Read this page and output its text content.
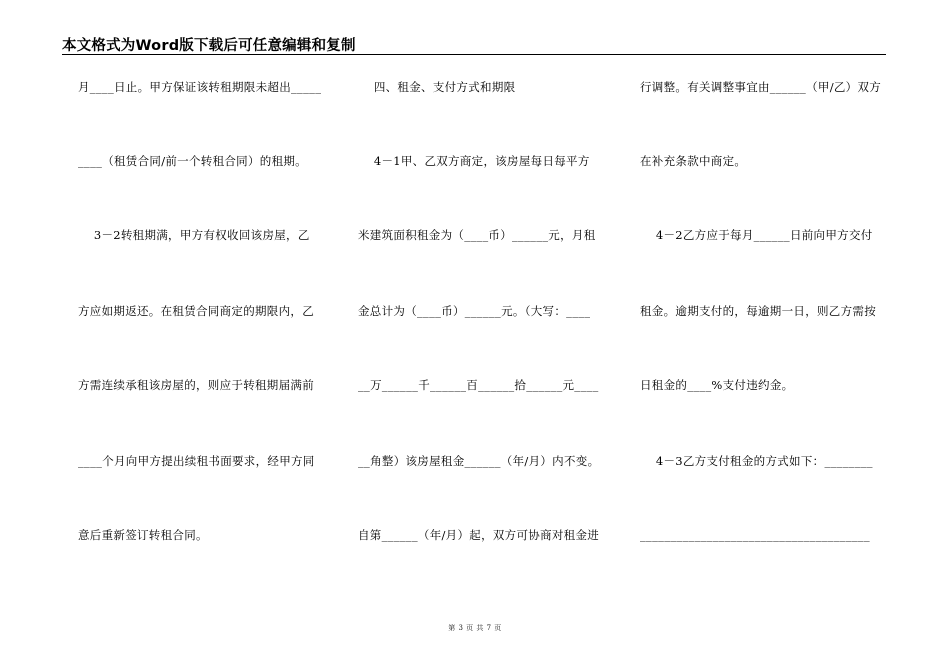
本文格式为Word版下载后可任意编辑和复制
月____日止。甲方保证该转租期限未超出_____
____（租赁合同/前一个转租合同）的租期。
3－2转租期满，甲方有权收回该房屋，乙
方应如期返还。在租赁合同商定的期限内，乙
方需连续承租该房屋的，则应于转租期届满前
____个月向甲方提出续租书面要求，经甲方同
意后重新签订转租合同。
四、租金、支付方式和期限
4－1甲、乙双方商定，该房屋每日每平方
米建筑面积租金为（____币）______元，月租
金总计为（____币）______元。（大写：____
__万______千______百______拾______元____
__角整）该房屋租金______（年/月）内不变。
自第______（年/月）起，双方可协商对租金进
行调整。有关调整事宜由______（甲/乙）双方
在补充条款中商定。
4－2乙方应于每月______日前向甲方交付
租金。逾期支付的，每逾期一日，则乙方需按
日租金的____%支付违约金。
4－3乙方支付租金的方式如下：________
______________________________________
第 3 页 共 7 页
